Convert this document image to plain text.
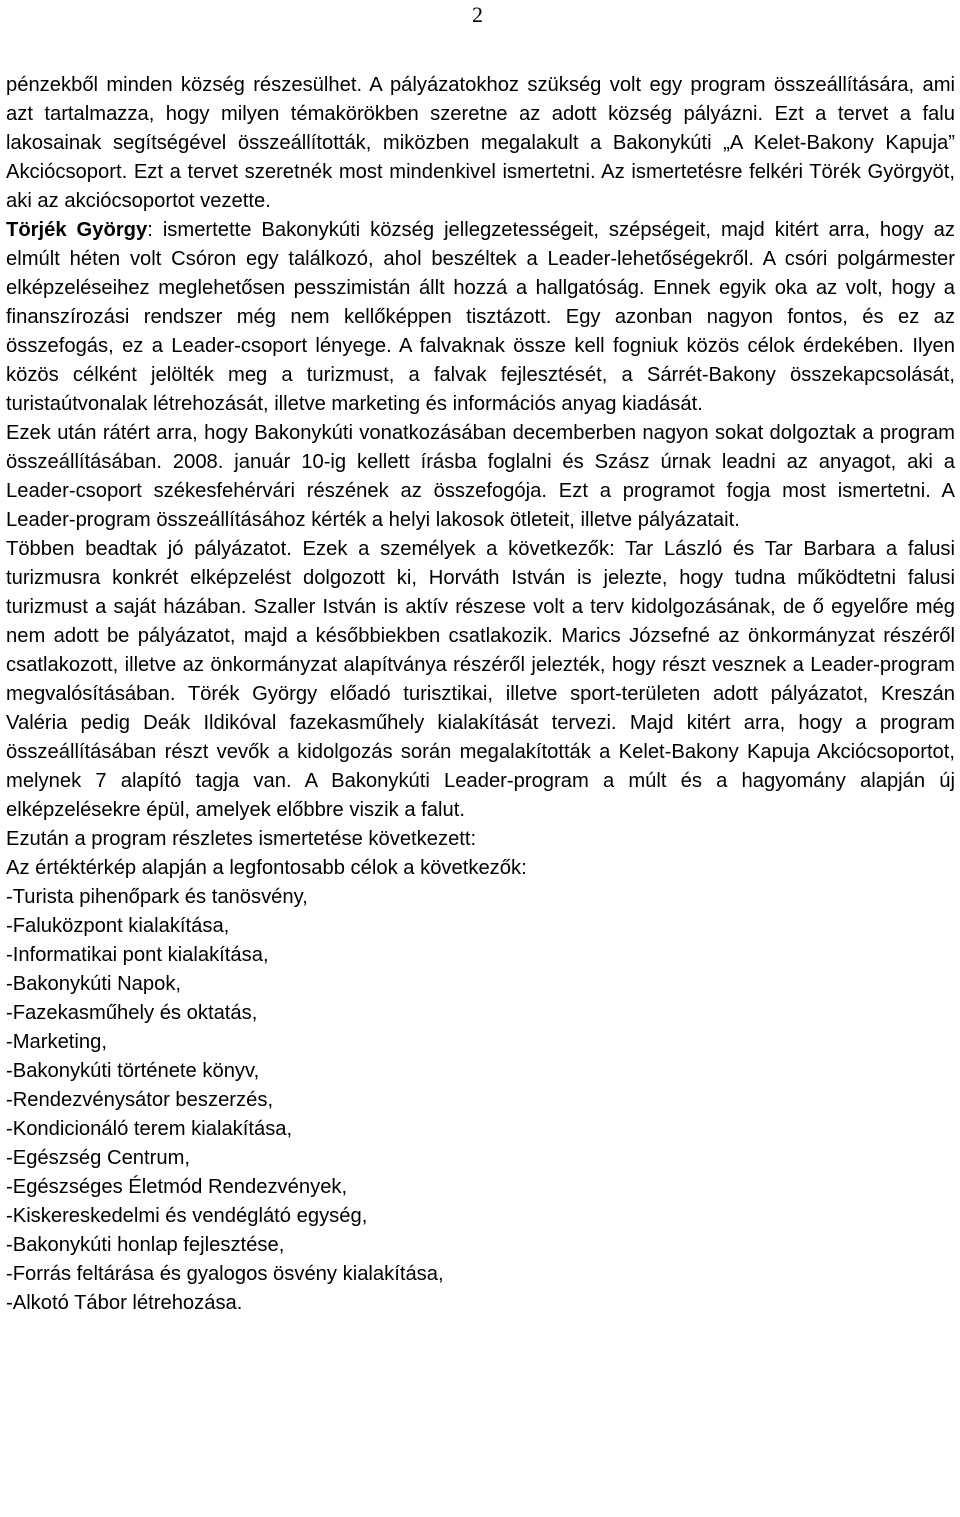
2

pénzekből minden község részesülhet. A pályázatokhoz szükség volt egy program összeállítására, ami azt tartalmazza, hogy milyen témakörökben szeretne az adott község pályázni. Ezt a tervet a falu lakosainak segítségével összeállították, miközben megalakult a Bakonykúti „A Kelet-Bakony Kapuja” Akciócsoport. Ezt a tervet szeretnék most mindenkivel ismertetni. Az ismertetésre felkéri Törék Györgyöt, aki az akciócsoportot vezette.

Törjék György: ismertette Bakonykúti község jellegzetességeit, szépségeit, majd kitért arra, hogy az elmúlt héten volt Csóron egy találkozó, ahol beszéltek a Leader-lehetőségekről. A csóri polgármester elképzeléseihez meglehetősen pesszimistán állt hozzá a hallgatóság. Ennek egyik oka az volt, hogy a finanszírozási rendszer még nem kellőképpen tisztázott. Egy azonban nagyon fontos, és ez az összefogás, ez a Leader-csoport lényege. A falvaknak össze kell fogniuk közös célok érdekében. Ilyen közös célként jelölték meg a turizmust, a falvak fejlesztését, a Sárrét-Bakony összekapcsolását, turistaútvonalak létrehozását, illetve marketing és információs anyag kiadását.

Ezek után rátért arra, hogy Bakonykúti vonatkozásában decemberben nagyon sokat dolgoztak a program összeállításában. 2008. január 10-ig kellett írásba foglalni és Szász úrnak leadni az anyagot, aki a Leader-csoport székesfehérvári részének az összefogója. Ezt a programot fogja most ismertetni. A Leader-program összeállításához kérték a helyi lakosok ötleteit, illetve pályázatait.

Többen beadtak jó pályázatot. Ezek a személyek a következők: Tar László és Tar Barbara a falusi turizmusra konkrét elképzelést dolgozott ki, Horváth István is jelezte, hogy tudna működtetni falusi turizmust a saját házában. Szaller István is aktív részese volt a terv kidolgozásának, de ő egyelőre még nem adott be pályázatot, majd a későbbiekben csatlakozik. Marics Józsefné az önkormányzat részéről csatlakozott, illetve az önkormányzat alapítványa részéről jelezték, hogy részt vesznek a Leader-program megvalósításában. Törék György előadó turisztikai, illetve sport-területen adott pályázatot, Kreszán Valéria pedig Deák Ildikóval fazekasműhely kialakítását tervezi. Majd kitért arra, hogy a program összeállításában részt vevők a kidolgozás során megalakították a Kelet-Bakony Kapuja Akciócsoportot, melynek 7 alapító tagja van. A Bakonykúti Leader-program a múlt és a hagyomány alapján új elképzelésekre épül, amelyek előbbre viszik a falut.

Ezután a program részletes ismertetése következett:

Az értéktérkép alapján a legfontosabb célok a következők:

-Turista pihenőpark és tanösvény,
-Faluközpont kialakítása,
-Informatikai pont kialakítása,
-Bakonykúti Napok,
-Fazekasműhely és oktatás,
-Marketing,
-Bakonykúti története könyv,
-Rendezvénysátor beszerzés,
-Kondicionáló terem kialakítása,
-Egészség Centrum,
-Egészséges Életmód Rendezvények,
-Kiskereskedelmi és vendéglátó egység,
-Bakonykúti honlap fejlesztése,
-Forrás feltárása és gyalogos ösvény kialakítása,
-Alkotó Tábor létrehozása.
